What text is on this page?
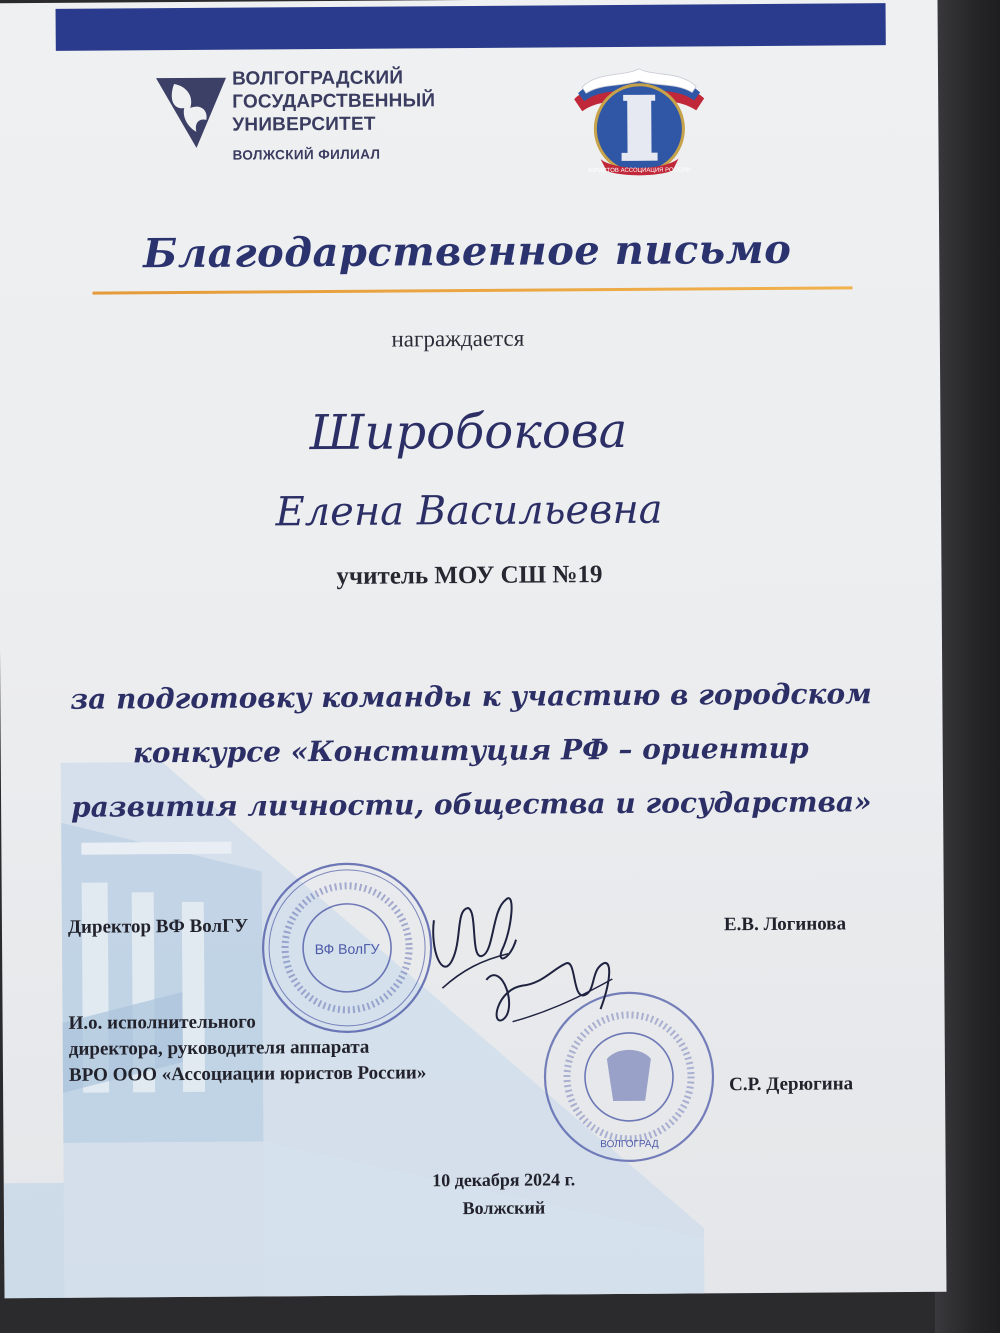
ВОЛГОГРАДСКИЙ
ГОСУДАРСТВЕННЫЙ
УНИВЕРСИТЕТ
ВОЛЖСКИЙ ФИЛИАЛ
ЮРИСТОВ АССОЦИАЦИЯ РОССИИ
Благодарственное письмо
награждается
Широбокова
Елена Васильевна
учитель МОУ СШ №19
за подготовку команды к участию в городском
конкурсе «Конституция РФ – ориентир
развития личности, общества и государства»
ВФ ВолГУ
ВОЛГОГРАД
Директор ВФ ВолГУ	Е.В. Логинова
И.о. исполнительного
директора, руководителя аппарата
ВРО ООО «Ассоциации юристов России»	С.Р. Дерюгина
10 декабря 2024 г.
Волжский
